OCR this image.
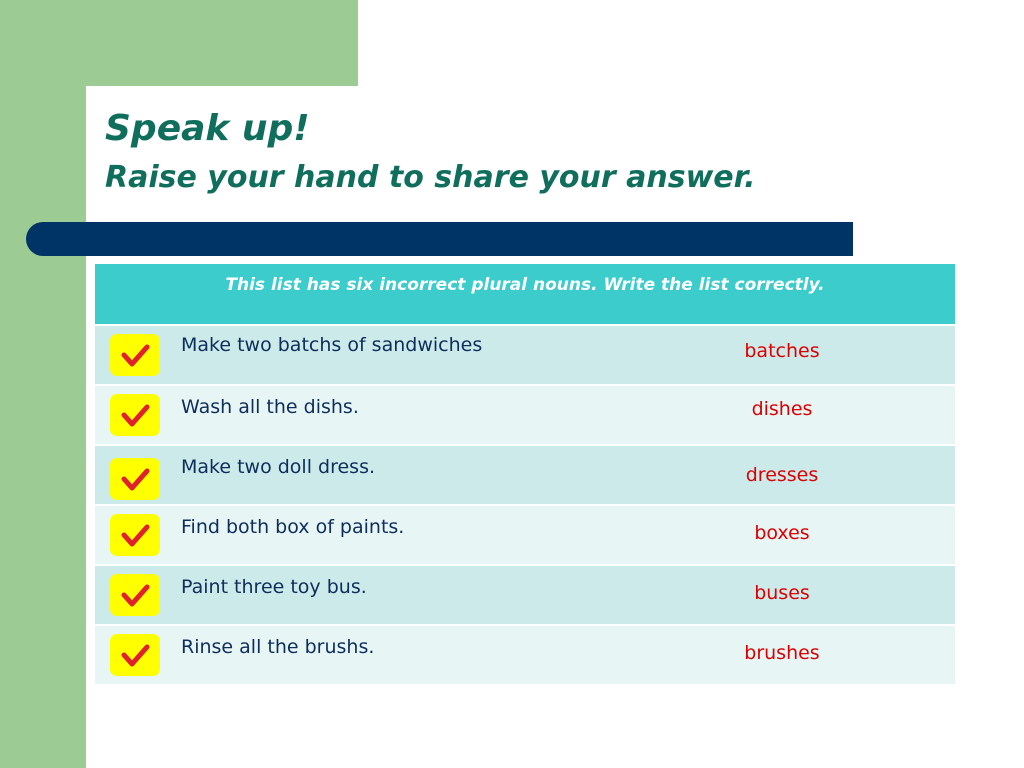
Speak up!
Raise your hand to share your answer.
This list has six incorrect plural nouns. Write the list correctly.
Make two batchs of sandwiches	batches
Wash all the dishs.	dishes
Make two doll dress.	dresses
Find both box of paints.	boxes
Paint three toy bus.	buses
Rinse all the brushs.	brushes
